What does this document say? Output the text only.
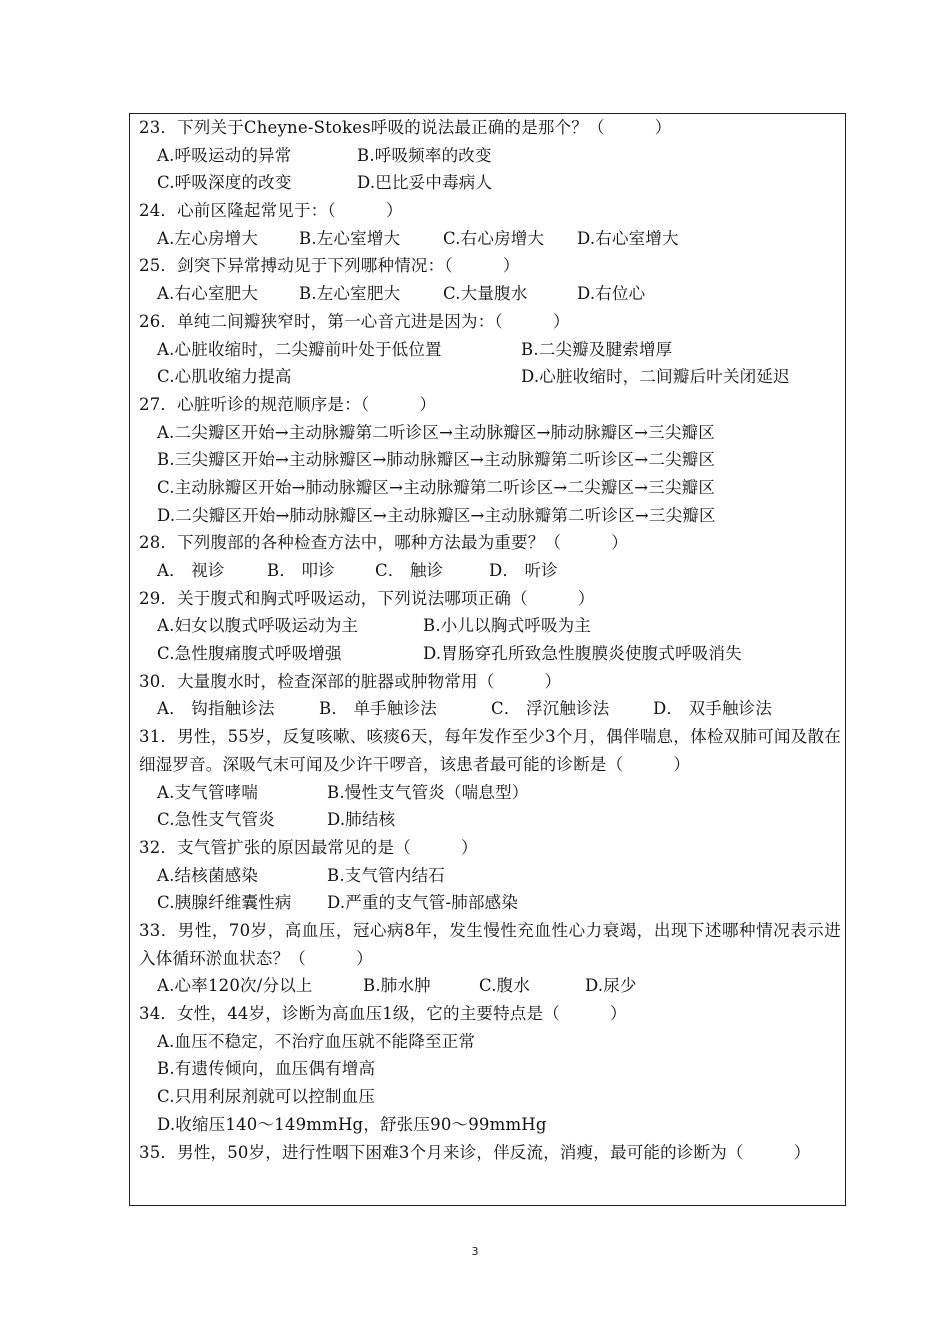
23．下列关于Cheyne-Stokes呼吸的说法最正确的是那个？（　　　）
A.呼吸运动的异常	B.呼吸频率的改变
C.呼吸深度的改变	D.巴比妥中毒病人
24．心前区隆起常见于：（　　　）
A.左心房增大	B.左心室增大	C.右心房增大	D.右心室增大
25．剑突下异常搏动见于下列哪种情况：（　　　）
A.右心室肥大	B.左心室肥大	C.大量腹水	D.右位心
26．单纯二间瓣狭窄时，第一心音亢进是因为：（　　　）
A.心脏收缩时，二尖瓣前叶处于低位置	B.二尖瓣及腱索增厚
C.心肌收缩力提高	D.心脏收缩时，二间瓣后叶关闭延迟
27．心脏听诊的规范顺序是：（　　　）
A.二尖瓣区开始→主动脉瓣第二听诊区→主动脉瓣区→肺动脉瓣区→三尖瓣区
B.三尖瓣区开始→主动脉瓣区→肺动脉瓣区→主动脉瓣第二听诊区→二尖瓣区
C.主动脉瓣区开始→肺动脉瓣区→主动脉瓣第二听诊区→二尖瓣区→三尖瓣区
D.二尖瓣区开始→肺动脉瓣区→主动脉瓣区→主动脉瓣第二听诊区→三尖瓣区
28．下列腹部的各种检查方法中，哪种方法最为重要？（　　　）
A． 视诊	B． 叩诊	C． 触诊	D． 听诊
29．关于腹式和胸式呼吸运动，下列说法哪项正确（　　　）
A.妇女以腹式呼吸运动为主	B.小儿以胸式呼吸为主
C.急性腹痛腹式呼吸增强	D.胃肠穿孔所致急性腹膜炎使腹式呼吸消失
30．大量腹水时，检查深部的脏器或肿物常用（　　　）
A． 钩指触诊法	B． 单手触诊法	C． 浮沉触诊法	D． 双手触诊法
31．男性，55岁，反复咳嗽、咳痰6天，每年发作至少3个月，偶伴喘息，体检双肺可闻及散在细湿罗音。深吸气末可闻及少许干啰音，该患者最可能的诊断是（　　　）
A.支气管哮喘	B.慢性支气管炎（喘息型）
C.急性支气管炎	D.肺结核
32．支气管扩张的原因最常见的是（　　　）
A.结核菌感染	B.支气管内结石
C.胰腺纤维囊性病	D.严重的支气管-肺部感染
33．男性，70岁，高血压，冠心病8年，发生慢性充血性心力衰竭，出现下述哪种情况表示进入体循环淤血状态？（　　　）
A.心率120次/分以上	B.肺水肿	C.腹水	D.尿少
34．女性，44岁，诊断为高血压1级，它的主要特点是（　　　）
A.血压不稳定，不治疗血压就不能降至正常
B.有遗传倾向，血压偶有增高
C.只用利尿剂就可以控制血压
D.收缩压140～149mmHg，舒张压90～99mmHg
35．男性，50岁，进行性咽下困难3个月来诊，伴反流，消瘦，最可能的诊断为（　　　）
3
